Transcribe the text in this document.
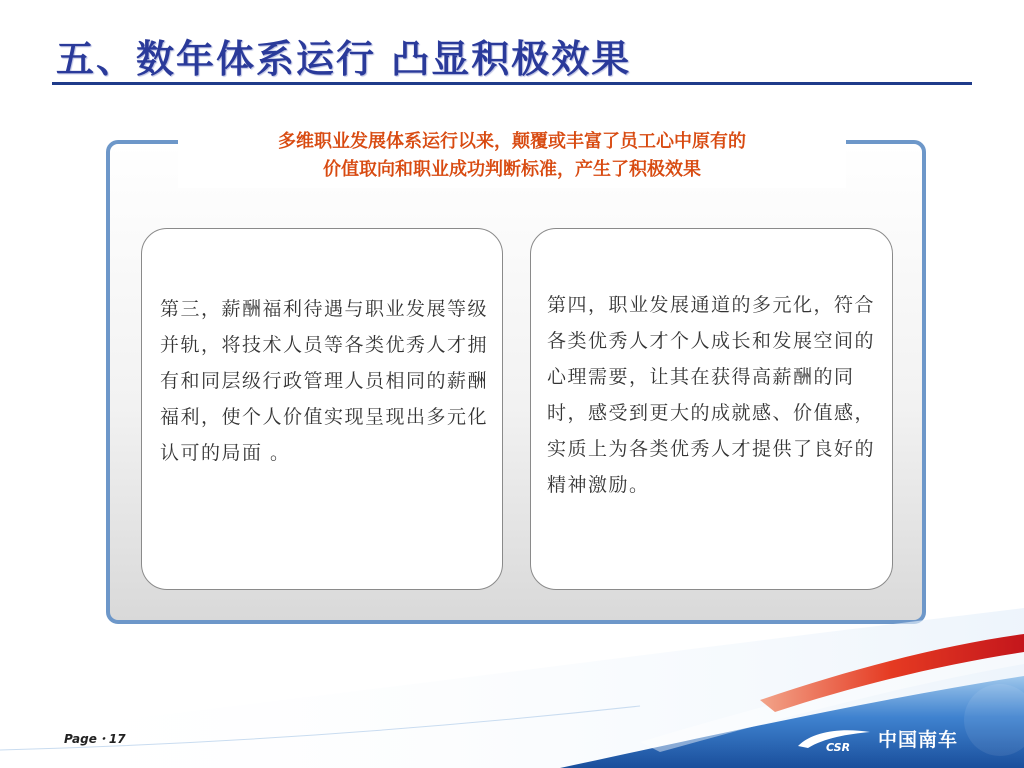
五、数年体系运行 凸显积极效果
多维职业发展体系运行以来，颠覆或丰富了员工心中原有的
价值取向和职业成功判断标准，产生了积极效果
第三，薪酬福利待遇与职业发展等级并轨，将技术人员等各类优秀人才拥有和同层级行政管理人员相同的薪酬福利，使个人价值实现呈现出多元化认可的局面 。
第四，职业发展通道的多元化，符合各类优秀人才个人成长和发展空间的心理需要，让其在获得高薪酬的同时，感受到更大的成就感、价值感，实质上为各类优秀人才提供了良好的精神激励。
Page・17
CSR 中国南车
